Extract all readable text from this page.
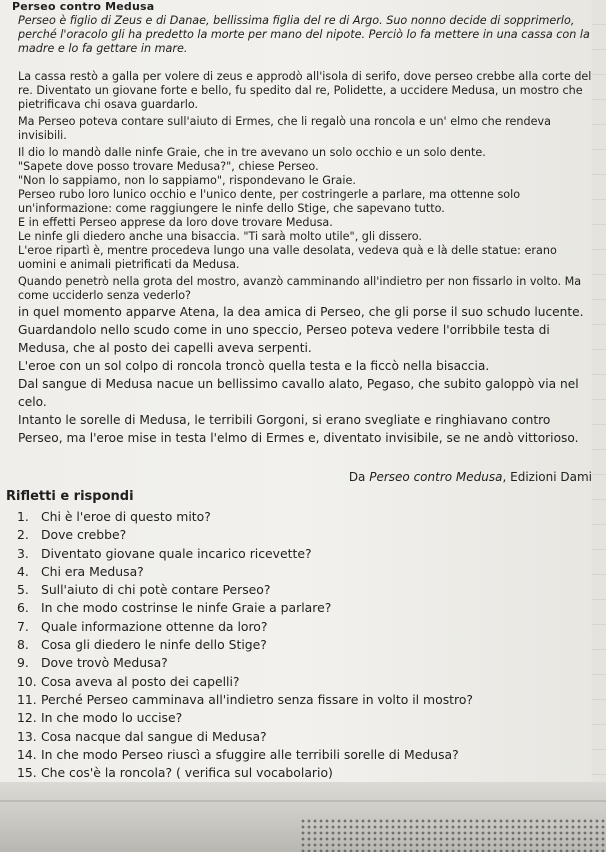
Perseo contro Medusa
Perseo è figlio di Zeus e di Danae, bellissima figlia del re di Argo. Suo nonno decide di sopprimerlo, perché l'oracolo gli ha predetto la morte per mano del nipote. Perciò lo fa mettere in una cassa con la madre e lo fa gettare in mare.

La cassa restò a galla per volere di zeus e approdò all'isola di serifo, dove perseo crebbe alla corte del re. Diventato un giovane forte e bello, fu spedito dal re, Polidette, a uccidere Medusa, un mostro che pietrificava chi osava guardarlo.

Ma Perseo poteva contare sull'aiuto di Ermes, che li regalò una roncola e un' elmo che rendeva invisibili.

Il dio lo mandò dalle ninfe Graie, che in tre avevano un solo occhio e un solo dente.

"Sapete dove posso trovare Medusa?", chiese Perseo.

"Non lo sappiamo, non lo sappiamo", rispondevano le Graie.

Perseo rubo loro lunico occhio e l'unico dente, per costringerle a parlare, ma ottenne solo un'informazione: come raggiungere le ninfe dello Stige, che sapevano tutto.

E in effetti Perseo apprese da loro dove trovare Medusa.

Le ninfe gli diedero anche una bisaccia. "Ti sarà molto utile", gli dissero.

L'eroe ripartì è, mentre procedeva lungo una valle desolata, vedeva quà e là delle statue: erano uomini e animali pietrificati da Medusa.

Quando penetrò nella grota del mostro, avanzò camminando all'indietro per non fissarlo in volto. Ma come ucciderlo senza vederlo?

in quel momento apparve Atena, la dea amica di Perseo, che gli porse il suo schudo lucente. Guardandolo nello scudo come in uno speccio, Perseo poteva vedere l'orribbile testa di Medusa, che al posto dei capelli aveva serpenti.

L'eroe con un sol colpo di roncola troncò quella testa e la ficcò nella bisaccia.

Dal sangue di Medusa nacue un bellissimo cavallo alato, Pegaso, che subito galoppò via nel celo.

Intanto le sorelle di Medusa, le terribili Gorgoni, si erano svegliate e ringhiavano contro Perseo, ma l'eroe mise in testa l'elmo di Ermes e, diventato invisibile, se ne andò vittorioso.

Da Perseo contro Medusa, Edizioni Dami
Rifletti e rispondi
1. Chi è l'eroe di questo mito?
2. Dove crebbe?
3. Diventato giovane quale incarico ricevette?
4. Chi era Medusa?
5. Sull'aiuto di chi potè contare Perseo?
6. In che modo costrinse le ninfe Graie a parlare?
7. Quale informazione ottenne da loro?
8. Cosa gli diedero le ninfe dello Stige?
9. Dove trovò Medusa?
10. Cosa aveva al posto dei capelli?
11. Perché Perseo camminava all'indietro senza fissare in volto il mostro?
12. In che modo lo uccise?
13. Cosa nacque dal sangue di Medusa?
14. In che modo Perseo riuscì a sfuggire alle terribili sorelle di Medusa?
15. Che cos'è la roncola? ( verifica sul vocabolario)
